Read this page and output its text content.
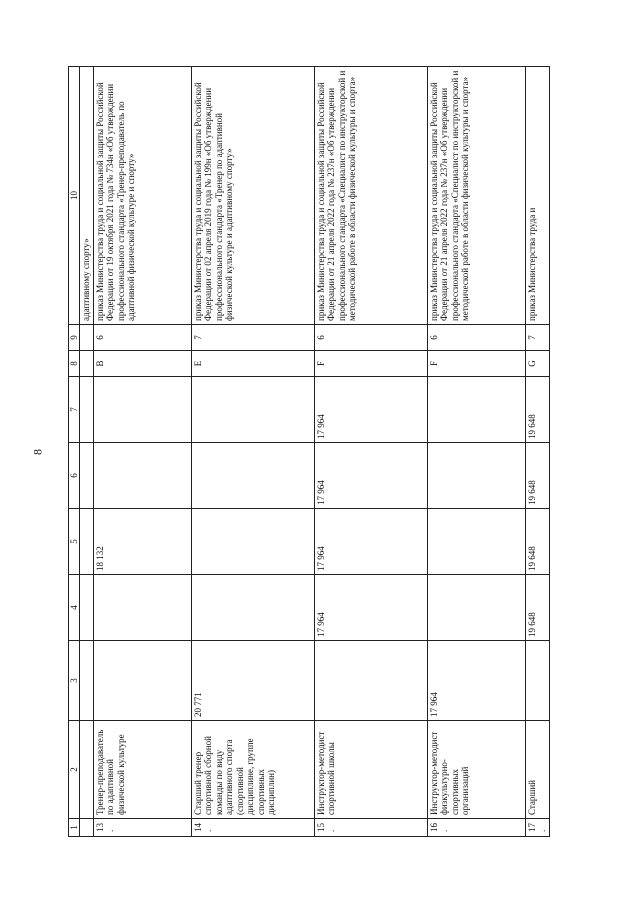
8
1	2	3	4	5	6	7	8	9	10
									адаптивному спорту»
13.	Тренер-преподаватель по адаптивной физической культуре			18 132			B	6	приказ Министерства труда и социальной защиты Российской Федерации от 19 октября 2021 года № 734н «Об утверждении профессионального стандарта «Тренер-преподаватель по адаптивной физической культуре и спорту»
14.	Старший тренер спортивной сборной команды по виду адаптивного спорта (спортивной дисциплине, группе спортивных дисциплин)	20 771					E	7	приказ Министерства труда и социальной защиты Российской Федерации от 02 апреля 2019 года № 199н «Об утверждении профессионального стандарта «Тренер по адаптивной физической культуре и адаптивному спорту»
15.	Инструктор-методист спортивной школы		17 964	17 964	17 964	17 964	F	6	приказ Министерства труда и социальной защиты Российской Федерации от 21 апреля 2022 года № 237н «Об утверждении профессионального стандарта «Специалист по инструкторской и методической работе в области физической культуры и спорта»
16.	Инструктор-методист физкультурно-спортивных организаций	17 964					F	6	приказ Министерства труда и социальной защиты Российской Федерации от 21 апреля 2022 года № 237н «Об утверждении профессионального стандарта «Специалист по инструкторской и методической работе в области физической культуры и спорта»
17.	Старший		19 648	19 648	19 648	19 648	G	7	приказ Министерства труда и
